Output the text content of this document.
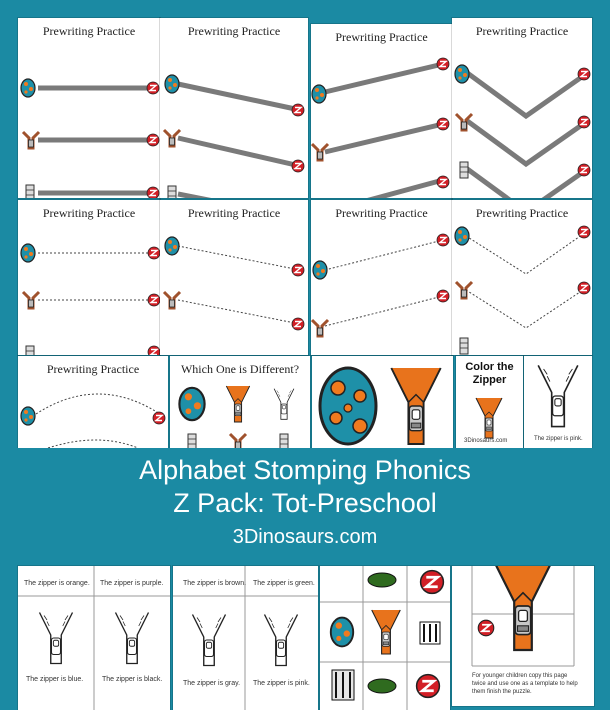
Prewriting Practice	Prewriting Practice	Prewriting Practice	Prewriting Practice
Prewriting Practice	Prewriting Practice	Prewriting Practice	Prewriting Practice
Prewriting Practice	Which One is Different?	Color the Zipper
3Dinosaurs.com	The zipper is pink.
Alphabet Stomping Phonics
Z Pack: Tot-Preschool
3Dinosaurs.com
The zipper is orange. The zipper is purple.
The zipper is blue.	The zipper is black.
The zipper is brown. The zipper is green.
The zipper is gray. The zipper is pink.
For younger children copy this page twice and use one as a template to help them finish the puzzle.
